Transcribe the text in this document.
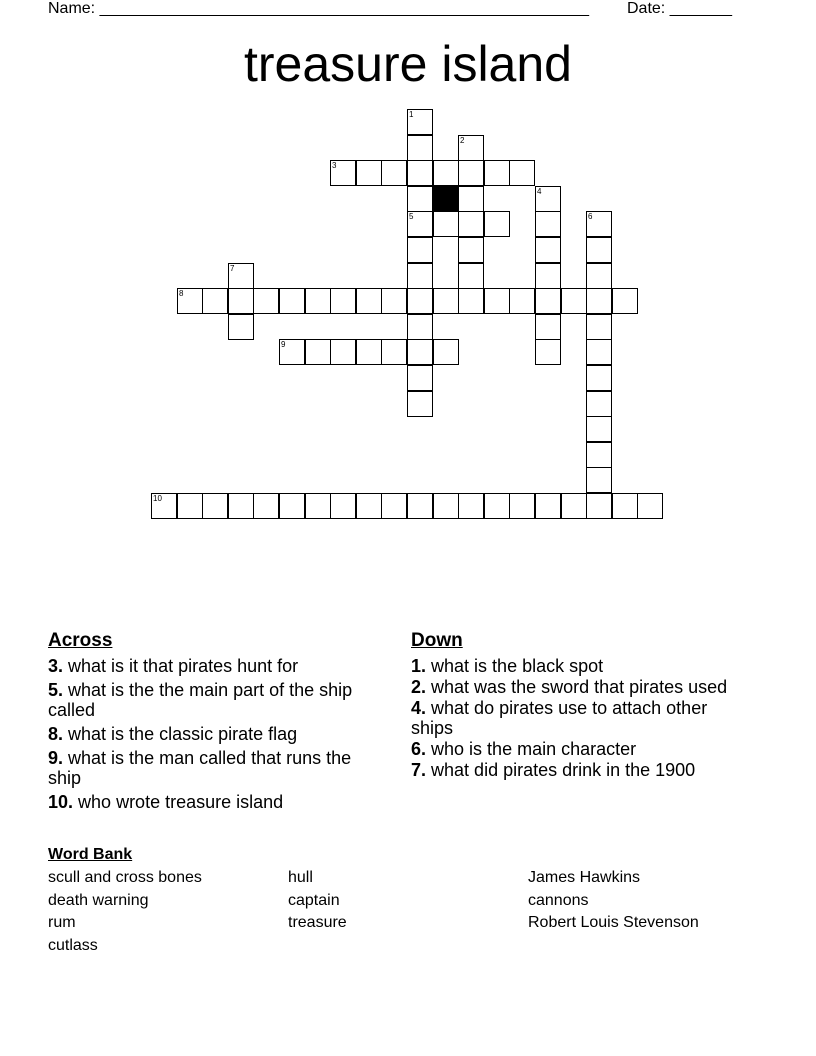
Name: _______________________________________________________ Date: _______
treasure island
1
5
2
3
4
6
7
8
9
10
Across
3. what is it that pirates hunt for
5. what is the the main part of the ship called
8. what is the classic pirate flag
9. what is the man called that runs the ship
10. who wrote treasure island
Down
1. what is the black spot
2. what was the sword that pirates used
4. what do pirates use to attach other ships
6. who is the main character
7. what did pirates drink in the 1900
Word Bank
scull and cross bones
death warning
rum
cutlass
hull
captain
treasure
James Hawkins
cannons
Robert Louis Stevenson
